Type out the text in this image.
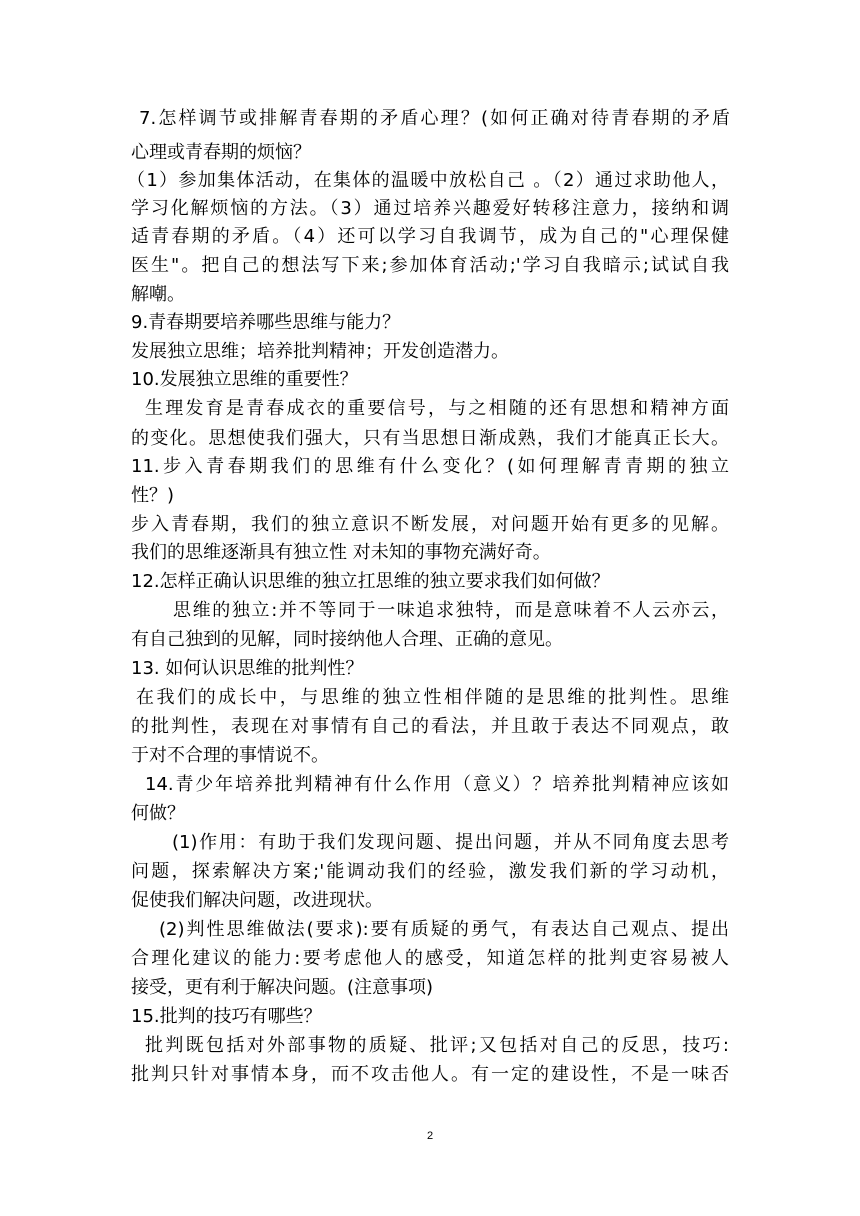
7.怎样调节或排解青春期的矛盾心理？(如何正确对待青春期的矛盾
心理或青春期的烦恼？
（1）参加集体活动，在集体的温暖中放松自己 。（2）通过求助他人，
学习化解烦恼的方法。（3）通过培养兴趣爱好转移注意力，接纳和调
适青春期的矛盾。（4）还可以学习自我调节，成为自己的"心理保健
医生"。把自己的想法写下来;参加体育活动;'学习自我暗示;试试自我
解嘲。
9.青春期要培养哪些思维与能力？
发展独立思维；培养批判精神；开发创造潜力。
10.发展独立思维的重要性？
生理发育是青春成衣的重要信号，与之相随的还有思想和精神方面
的变化。思想使我们强大，只有当思想日渐成熟，我们才能真正长大。
11.步入青春期我们的思维有什么变化？(如何理解青青期的独立
性？)
步入青春期，我们的独立意识不断发展，对问题开始有更多的见解。
我们的思维逐渐具有独立性 对未知的事物充满好奇。
12.怎样正确认识思维的独立扛思维的独立要求我们如何做？
思维的独立:并不等同于一味追求独特，而是意味着不人云亦云，
有自己独到的见解，同时接纳他人合理、正确的意见。
13. 如何认识思维的批判性？
在我们的成长中，与思维的独立性相伴随的是思维的批判性。思维
的批判性，表现在对事情有自己的看法，并且敢于表达不同观点，敢
于对不合理的事情说不。
14.青少年培养批判精神有什么作用（意义）？培养批判精神应该如
何做？
(1)作用：有助于我们发现问题、提出问题，并从不同角度去思考
问题，探索解决方案;'能调动我们的经验，激发我们新的学习动机，
促使我们解决问题，改进现状。
(2)判性思维做法(要求):要有质疑的勇气，有表达自己观点、提出
合理化建议的能力:要考虑他人的感受，知道怎样的批判吏容易被人
接受，更有利于解决问题。(注意事项)
15.批判的技巧有哪些？
批判既包括对外部事物的质疑、批评;又包括对自己的反思，技巧:
批判只针对事情本身，而不攻击他人。有一定的建设性，不是一味否
2
